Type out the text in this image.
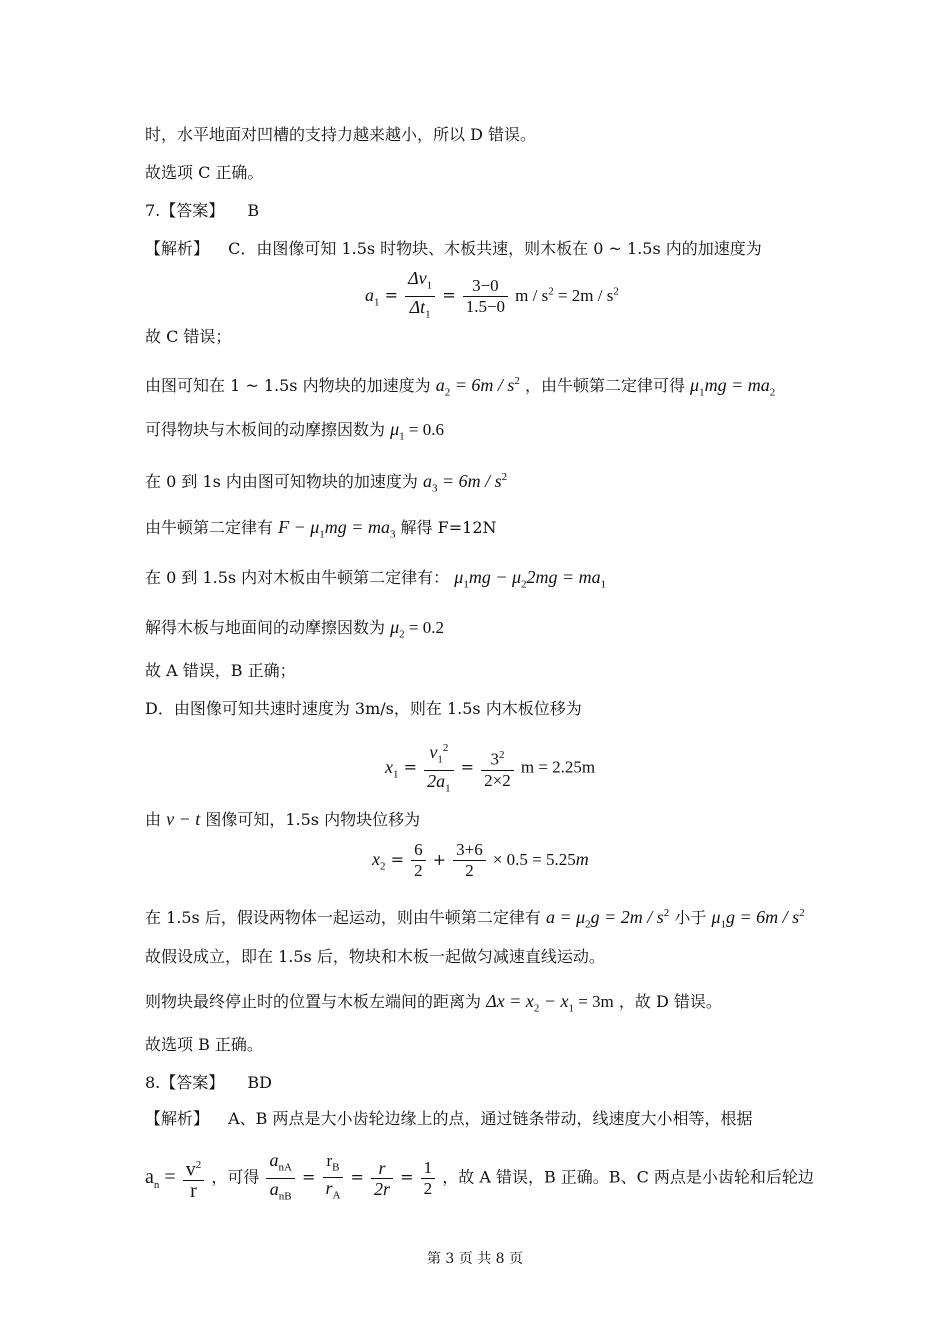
时，水平地面对凹槽的支持力越来越小，所以 D 错误。
故选项 C 正确。
7.【答案】 B
【解析】 C．由图像可知 1.5s 时物块、木板共速，则木板在 0 ~ 1.5s 内的加速度为
$a_1 = \frac{\Delta v_1}{\Delta t_1} = \frac{3-0}{1.5-0}$ $m / s^2 = 2m / s^2$
故 C 错误；
由图可知在 1 ~ 1.5s 内物块的加速度为 $a_2 = 6m / s^2$ ，由牛顿第二定律可得 $\mu_1mg = ma_2$
可得物块与木板间的动摩擦因数为 $\mu_1 = 0.6$
在 0 到 1s 内由图可知物块的加速度为 $a_3 = 6m / s^2$
由牛顿第二定律有 $F - \mu_1mg = ma_3$ 解得 F=12N
在 0 到 1.5s 内对木板由牛顿第二定律有： $\mu_1mg - \mu_22mg = ma_1$
解得木板与地面间的动摩擦因数为 $\mu_2 = 0.2$
故 A 错误，B 正确；
D．由图像可知共速时速度为 3m/s，则在 1.5s 内木板位移为
$x_1 = \frac{v_1^2}{2a_1} = \frac{3^2}{2\times 2}$ m = 2.25m
由 v − t 图像可知，1.5s 内物块位移为
$x_2 = \frac{6}{2} + \frac{3+6}{2} \times 0.5 = 5.25m$
在 1.5s 后，假设两物体一起运动，则由牛顿第二定律有 $a = \mu_2g = 2m / s^2$ 小于 $\mu_1g = 6m / s^2$
故假设成立，即在 1.5s 后，物块和木板一起做匀减速直线运动。
则物块最终停止时的位置与木板左端间的距离为 $\Delta x = x_2 - x_1 = 3m$ ，故 D 错误。
故选项 B 正确。
8.【答案】 BD
【解析】 A、B 两点是大小齿轮边缘上的点，通过链条带动，线速度大小相等，根据
$a_n = \frac{v^2}{r}$ ，可得 $\frac{a_{nA}}{a_{nB}} = \frac{r_B}{r_A} = \frac{r}{2r} = \frac{1}{2}$ ，故 A 错误，B 正确。B、C 两点是小齿轮和后轮边
第 3 页 共 8 页
